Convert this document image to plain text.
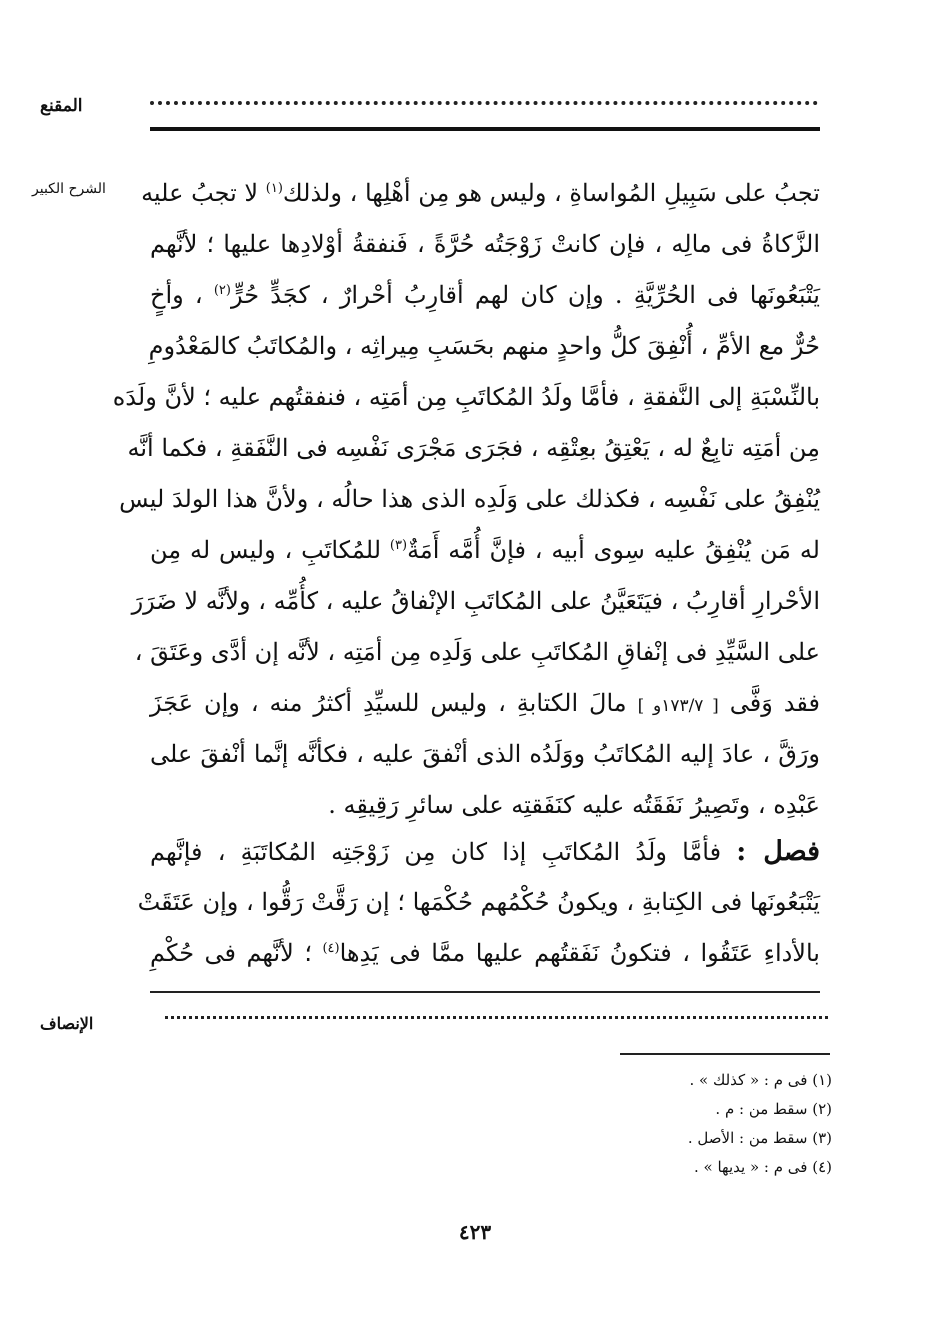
المقنع
الشرح الكبير	تجبُ على سَبِيلِ المُواساةِ ، وليس هو مِن أهْلِها ، ولذلك$^{(١)}$ لا تجبُ عليه
الزَّكاةُ فى مالِه ، فإن كانتْ زَوْجَتُه حُرَّةً ، فَنفقةُ أوْلادِها عليها ؛ لأنَّهم
يَتْبَعُونَها فى الحُرِّيَّةِ . وإن كان لهم أقارِبُ أحْرارٌ ، كجَدٍّ حُرٍّ$^{(٢)}$ ، وأخٍ
حُرٌّ مع الأمِّ ، أُنْفِقَ كلُّ واحدٍ منهم بحَسَبِ مِيراثِه ، والمُكاتَبُ كالمَعْدُومِ
بالنِّسْبَةِ إلى النَّفقةِ ، فأمَّا ولَدُ المُكاتَبِ مِن أمَتِه ، فنفقتُهم عليه ؛ لأنَّ ولَدَه
مِن أمَتِه تابِعٌ له ، يَعْتِقُ بعِتْقِه ، فجَرَى مَجْرَى نَفْسِه فى النَّفَقةِ ، فكما أنَّه
يُنْفِقُ على نَفْسِه ، فكذلك على وَلَدِه الذى هذا حالُه ، ولأنَّ هذا الولدَ ليس
له مَن يُنْفِقُ عليه سِوى أبيه ، فإنَّ أُمَّه أَمَةٌ$^{(٣)}$ للمُكاتَبِ ، وليس له مِن
الأحْرارِ أقارِبُ ، فيَتَعَيَّنُ على المُكاتَبِ الإنْفاقُ عليه ، كأُمِّه ، ولأنَّه لا ضَرَرَ
على السَّيِّدِ فى إنْفاقِ المُكاتَبِ على وَلَدِه مِن أمَتِه ، لأنَّه إن أدَّى وعَتَقَ ،
فقد وَفَّى [ ١٧٣/٧و ] مالَ الكتابةِ ، وليس للسيِّدِ أكثرُ منه ، وإن عَجَزَ
ورَقَّ ، عادَ إليه المُكاتَبُ ووَلَدُه الذى أنْفقَ عليه ، فكأنَّه إنَّما أنْفقَ على
عَبْدِه ، وتَصِيرُ نَفَقَتُه عليه كنَفَقتِه على سائرِ رَقِيقِه .
فصل : فأمَّا ولَدُ المُكاتَبِ إذا كان مِن زَوْجَتِه المُكاتَبَةِ ، فإنَّهم
يَتْبَعُونَها فى الكِتابةِ ، ويكونُ حُكْمُهم حُكْمَها ؛ إن رَقَّتْ رَقُّوا ، وإن عَتَقَتْ
بالأداءِ عَتَقُوا ، فتكونُ نَفَقتُهم عليها ممَّا فى يَدِها$^{(٤)}$ ؛ لأنَّهم فى حُكْمِ
الإنصاف
(١) فى م : « كذلك » .
(٢) سقط من : م .
(٣) سقط من : الأصل .
(٤) فى م : « يديها » .
٤٢٣
